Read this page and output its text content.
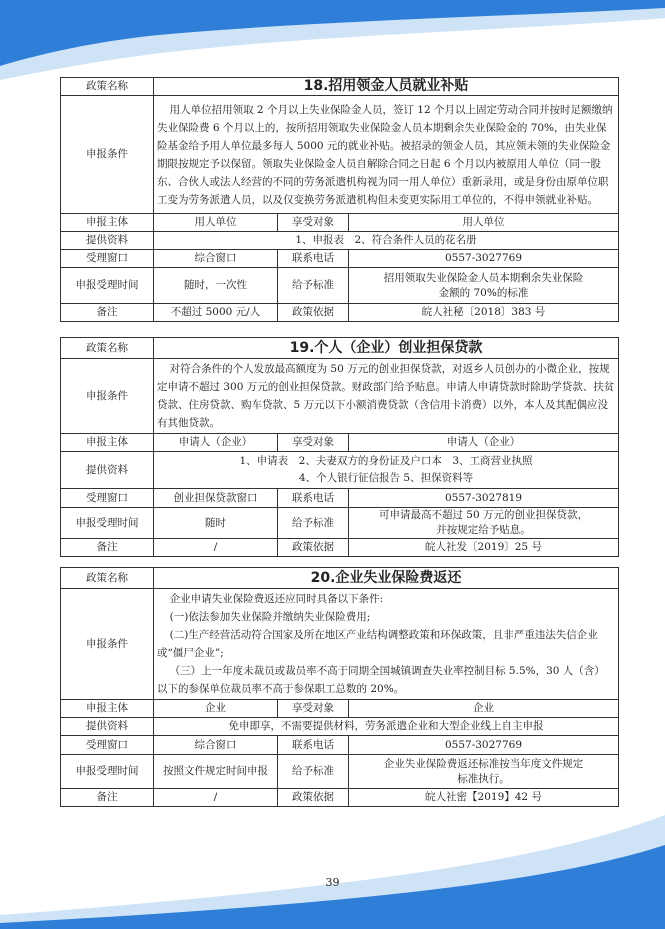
政策名称	18.招用领金人员就业补贴		
申报条件	用人单位招用领取 2 个月以上失业保险金人员，签订 12 个月以上固定劳动合同并按时足额缴纳失业保险费 6 个月以上的，按所招用领取失业保险金人员本期剩余失业保险金的 70%，由失业保险基金给予用人单位最多每人 5000 元的就业补贴。被招录的领金人员，其应领未领的失业保险金期限按规定予以保留。领取失业保险金人员自解除合同之日起 6 个月以内被原用人单位（同一股东、合伙人或法人经营的不同的劳务派遣机构视为同一用人单位）重新录用，或是身份由原单位职工变为劳务派遣人员，以及仅变换劳务派遣机构但未变更实际用工单位的，不得申领就业补贴。		

申报主体	用人单位	享受对象	用人单位
提供资料	1、申报表　2、符合条件人员的花名册		

受理窗口	综合窗口	联系电话	0557-3027769
申报受理时间	随时，一次性	给予标准	招用领取失业保险金人员本期剩余失业保险
金额的 70%的标准

备注	不超过 5000 元/人	政策依据	皖人社秘〔2018〕383 号
政策名称	19.个人（企业）创业担保贷款		
申报条件	对符合条件的个人发放最高额度为 50 万元的创业担保贷款，对返乡人员创办的小微企业，按规定申请不超过 300 万元的创业担保贷款。财政部门给予贴息。申请人申请贷款时除助学贷款、扶贫贷款、住房贷款、购车贷款、5 万元以下小额消费贷款（含信用卡消费）以外，本人及其配偶应没有其他贷款。		

申报主体	申请人（企业）	享受对象	申请人（企业）
提供资料	1、申请表　2、夫妻双方的身份证及户口本　3、工商营业执照
4、个人银行征信报告 5、担保资料等		

受理窗口	创业担保贷款窗口	联系电话	0557-3027819
申报受理时间	随时	给予标准	可申请最高不超过 50 万元的创业担保贷款，
并按规定给予贴息。

备注	/	政策依据	皖人社发〔2019〕25 号
政策名称	20.企业失业保险费返还		
申报条件	企业申请失业保险费返还应同时具备以下条件:

(一)依法参加失业保险并缴纳失业保险费用;

(二)生产经营活动符合国家及所在地区产业结构调整政策和环保政策，且非严重违法失信企业或“僵尸企业”;

（三）上一年度未裁员或裁员率不高于同期全国城镇调查失业率控制目标 5.5%，30 人（含）以下的参保单位裁员率不高于参保职工总数的 20%。		

申报主体	企业	享受对象	企业
提供资料	免申即享，不需要提供材料，劳务派遣企业和大型企业线上自主申报		

受理窗口	综合窗口	联系电话	0557-3027769
申报受理时间	按照文件规定时间申报	给予标准	企业失业保险费返还标准按当年度文件规定
标准执行。

备注	/	政策依据	皖人社密【2019】42 号
39
